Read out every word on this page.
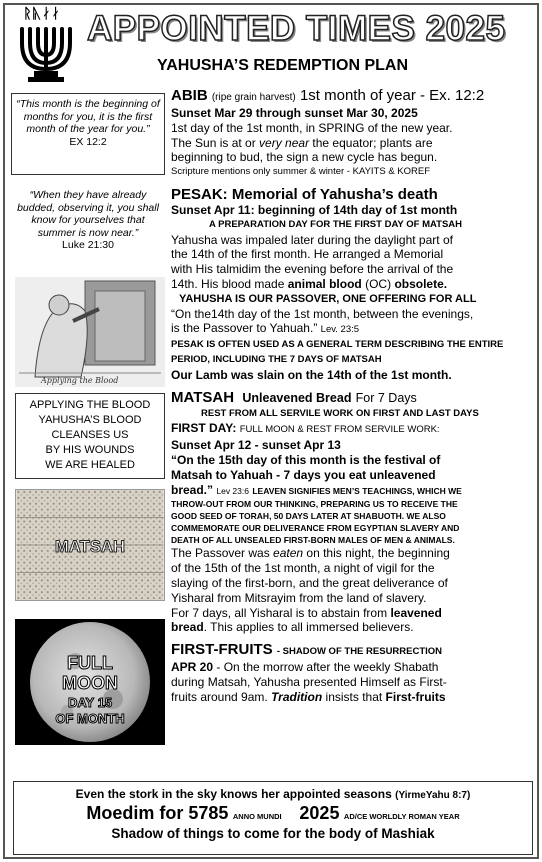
ᚱᚣᛅᛅ APPOINTED TIMES 2025
YAHUSHA’S REDEMPTION PLAN
“This month is the beginning of months for you, it is the first month of the year for you.”
EX 12:2
“When they have already budded, observing it, you shall know for yourselves that summer is now near.”
Luke 21:30
Applying the Blood
APPLYING THE BLOOD
YAHUSHA’S BLOOD
CLEANSES US
BY HIS WOUNDS
WE ARE HEALED
MATSAH
FULL
MOON
DAY 15
OF MONTH

ABIB (ripe grain harvest) 1st month of year - Ex. 12:2

Sunset Mar 29 through sunset Mar 30, 2025

1st day of the 1st month, in SPRING of the new year.

The Sun is at or very near the equator; plants are

beginning to bud, the sign a new cycle has begun.

Scripture mentions only summer & winter - KAYITS & KOREF

PESAK: Memorial of Yahusha’s death

Sunset Apr 11: beginning of 14th day of 1st month

A PREPARATION DAY FOR THE FIRST DAY OF MATSAH

Yahusha was impaled later during the daylight part of

the 14th of the first month. He arranged a Memorial

with His talmidim the evening before the arrival of the

14th. His blood made animal blood (OC) obsolete.

YAHUSHA IS OUR PASSOVER, ONE OFFERING FOR ALL

“On the14th day of the 1st month, between the evenings,

is the Passover to Yahuah.” Lev. 23:5

PESAK IS OFTEN USED AS A GENERAL TERM DESCRIBING THE ENTIRE

PERIOD, INCLUDING THE 7 DAYS OF MATSAH

Our Lamb was slain on the 14th of the 1st month.

MATSAH Unleavened Bread For 7 Days

REST FROM ALL SERVILE WORK ON FIRST AND LAST DAYS

FIRST DAY: FULL MOON & REST FROM SERVILE WORK:

Sunset Apr 12 - sunset Apr 13

“On the 15th day of this month is the festival of

Matsah to Yahuah - 7 days you eat unleavened

bread.” Lev 23:6 LEAVEN SIGNIFIES MEN’S TEACHINGS, WHICH WE

THROW-OUT FROM OUR THINKING, PREPARING US TO RECEIVE THE

GOOD SEED OF TORAH, 50 DAYS LATER AT SHABUOTH. WE ALSO

COMMEMORATE OUR DELIVERANCE FROM EGYPTIAN SLAVERY AND

DEATH OF ALL UNSEALED FIRST-BORN MALES OF MEN & ANIMALS.

The Passover was eaten on this night, the beginning

of the 15th of the 1st month, a night of vigil for the

slaying of the first-born, and the great deliverance of

Yisharal from Mitsrayim from the land of slavery.

For 7 days, all Yisharal is to abstain from leavened

bread. This applies to all immersed believers.

FIRST-FRUITS - SHADOW OF THE RESURRECTION

APR 20 - On the morrow after the weekly Shabath

during Matsah, Yahusha presented Himself as First-

fruits around 9am. Tradition insists that First-fruits

Even the stork in the sky knows her appointed seasons (YirmeYahu 8:7)

Moedim for 5785 ANNO MUNDI 2025 AD/CE WORLDLY ROMAN YEAR

Shadow of things to come for the body of Mashiak
